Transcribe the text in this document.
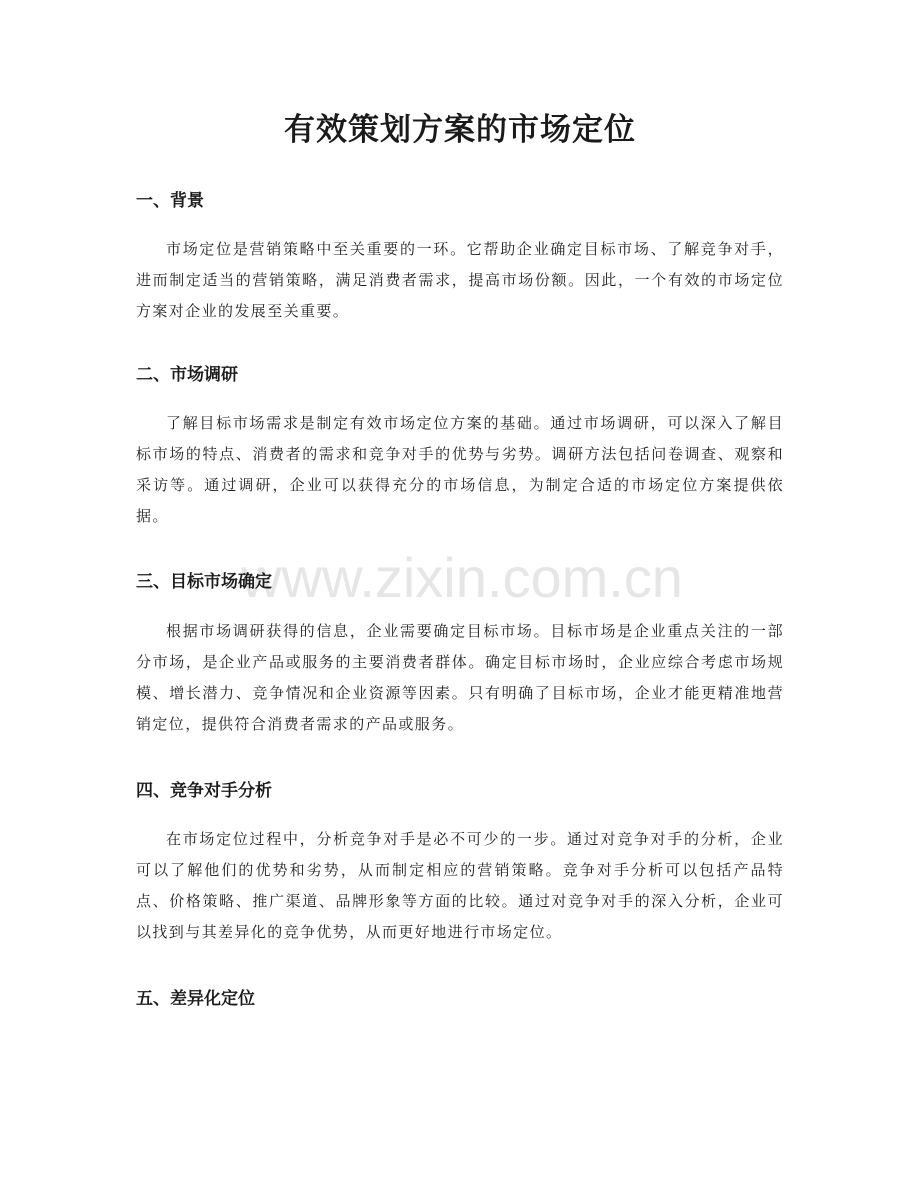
www.zixin.com.cn
有效策划方案的市场定位
一、背景

市场定位是营销策略中至关重要的一环。它帮助企业确定目标市场、了解竞争对手，进而制定适当的营销策略，满足消费者需求，提高市场份额。因此，一个有效的市场定位方案对企业的发展至关重要。

二、市场调研

了解目标市场需求是制定有效市场定位方案的基础。通过市场调研，可以深入了解目标市场的特点、消费者的需求和竞争对手的优势与劣势。调研方法包括问卷调查、观察和采访等。通过调研，企业可以获得充分的市场信息，为制定合适的市场定位方案提供依据。

三、目标市场确定

根据市场调研获得的信息，企业需要确定目标市场。目标市场是企业重点关注的一部分市场，是企业产品或服务的主要消费者群体。确定目标市场时，企业应综合考虑市场规模、增长潜力、竞争情况和企业资源等因素。只有明确了目标市场，企业才能更精准地营销定位，提供符合消费者需求的产品或服务。

四、竞争对手分析

在市场定位过程中，分析竞争对手是必不可少的一步。通过对竞争对手的分析，企业可以了解他们的优势和劣势，从而制定相应的营销策略。竞争对手分析可以包括产品特点、价格策略、推广渠道、品牌形象等方面的比较。通过对竞争对手的深入分析，企业可以找到与其差异化的竞争优势，从而更好地进行市场定位。

五、差异化定位
